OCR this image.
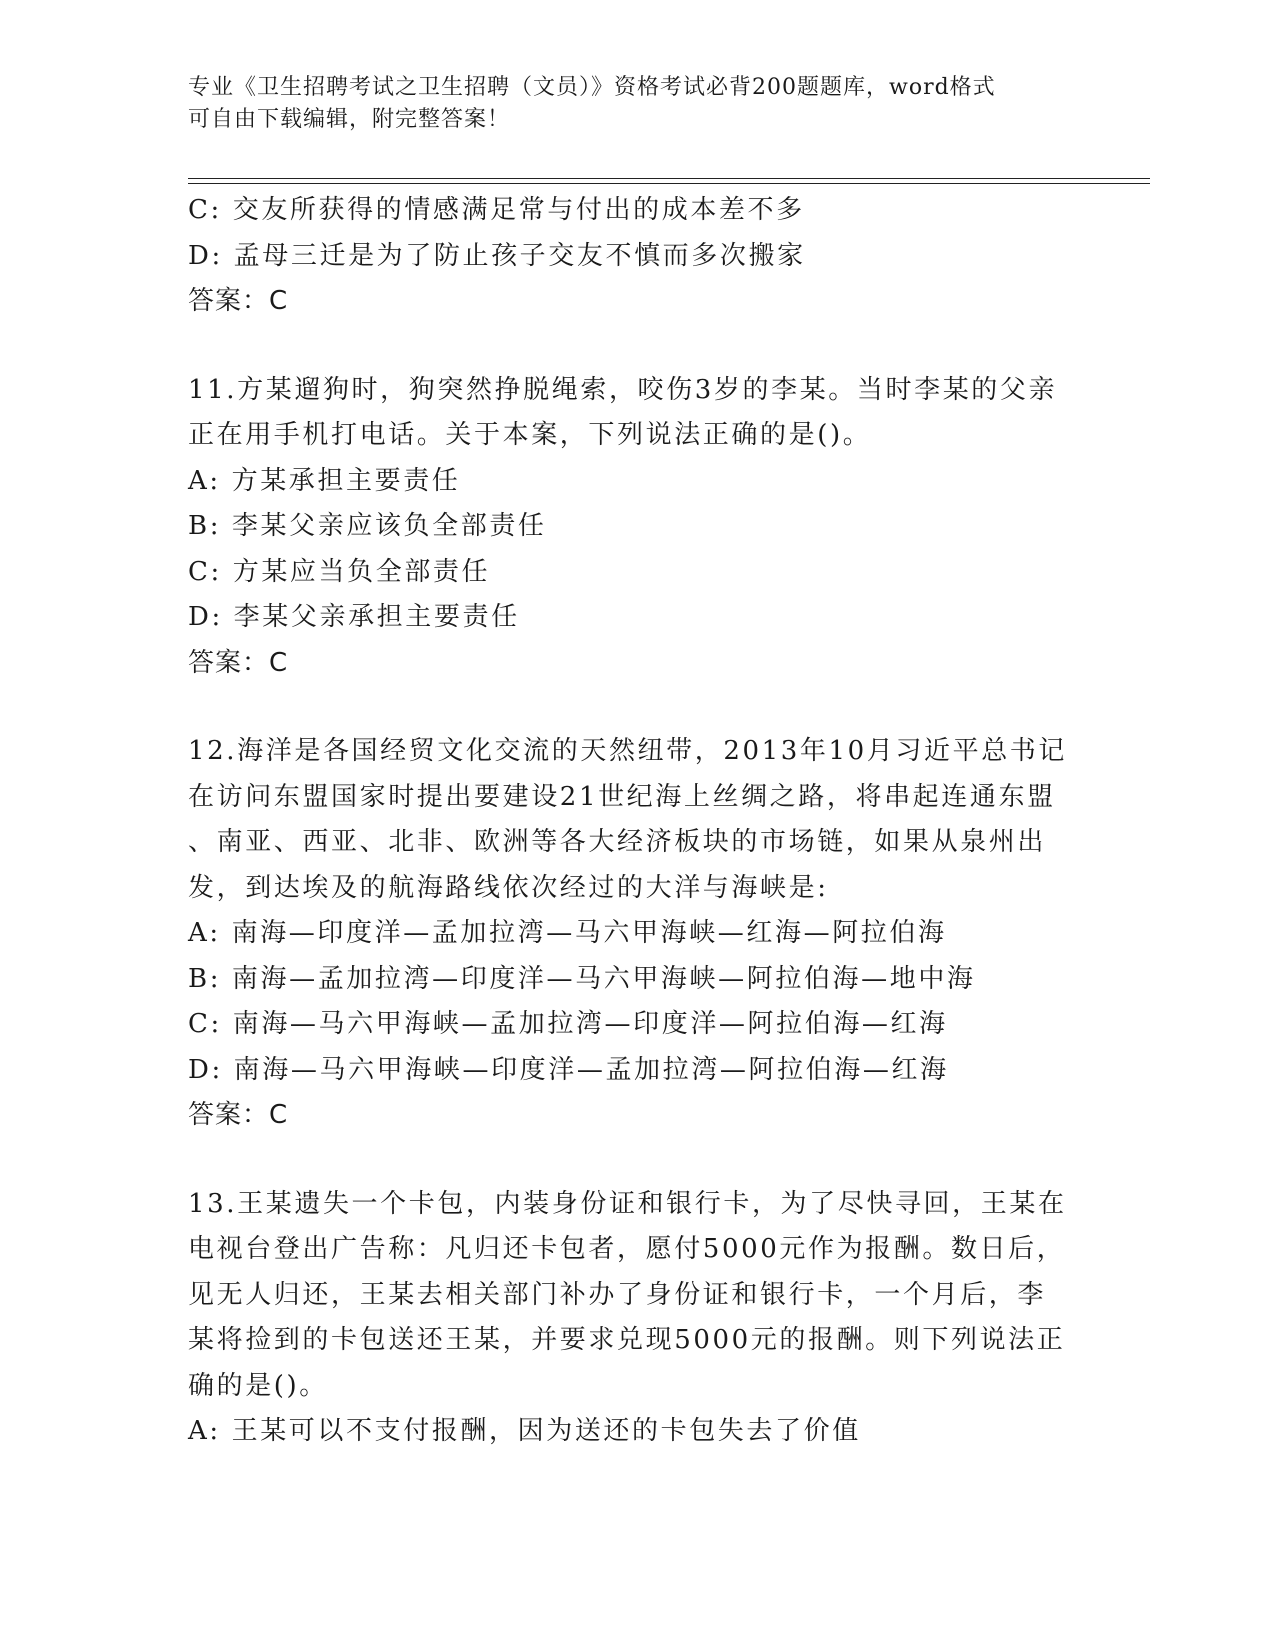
专业《卫生招聘考试之卫生招聘（文员）》资格考试必背200题题库，word格式
可自由下载编辑，附完整答案！
C: 交友所获得的情感满足常与付出的成本差不多
D: 孟母三迁是为了防止孩子交友不慎而多次搬家
答案：C
11.方某遛狗时，狗突然挣脱绳索，咬伤3岁的李某。当时李某的父亲
正在用手机打电话。关于本案，下列说法正确的是()。
A: 方某承担主要责任
B: 李某父亲应该负全部责任
C: 方某应当负全部责任
D: 李某父亲承担主要责任
答案：C
12.海洋是各国经贸文化交流的天然纽带，2013年10月习近平总书记
在访问东盟国家时提出要建设21世纪海上丝绸之路，将串起连通东盟
、南亚、西亚、北非、欧洲等各大经济板块的市场链，如果从泉州出
发，到达埃及的航海路线依次经过的大洋与海峡是:
A: 南海—印度洋—孟加拉湾—马六甲海峡—红海—阿拉伯海
B: 南海—孟加拉湾—印度洋—马六甲海峡—阿拉伯海—地中海
C: 南海—马六甲海峡—孟加拉湾—印度洋—阿拉伯海—红海
D: 南海—马六甲海峡—印度洋—孟加拉湾—阿拉伯海—红海
答案：C
13.王某遗失一个卡包，内装身份证和银行卡，为了尽快寻回，王某在
电视台登出广告称：凡归还卡包者，愿付5000元作为报酬。数日后，
见无人归还，王某去相关部门补办了身份证和银行卡，一个月后，李
某将捡到的卡包送还王某，并要求兑现5000元的报酬。则下列说法正
确的是()。
A: 王某可以不支付报酬，因为送还的卡包失去了价值
